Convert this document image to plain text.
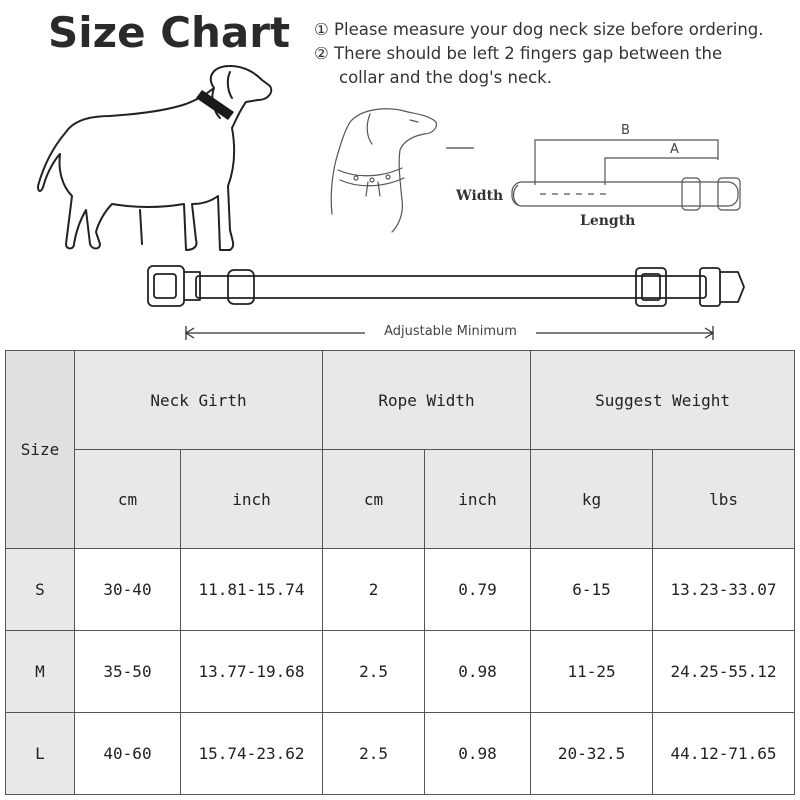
Size Chart ① Please measure your dog neck size before ordering.
② There should be left 2 fingers gap between the
collar and the dog's neck.
B
A
Width
Length
Adjustable Minimum
Size	Neck Girth		Rope Width		Suggest Weight	
	cm	inch	cm	inch	kg	lbs
S	30-40	11.81-15.74	2	0.79	6-15	13.23-33.07
M	35-50	13.77-19.68	2.5	0.98	11-25	24.25-55.12
L	40-60	15.74-23.62	2.5	0.98	20-32.5	44.12-71.65
